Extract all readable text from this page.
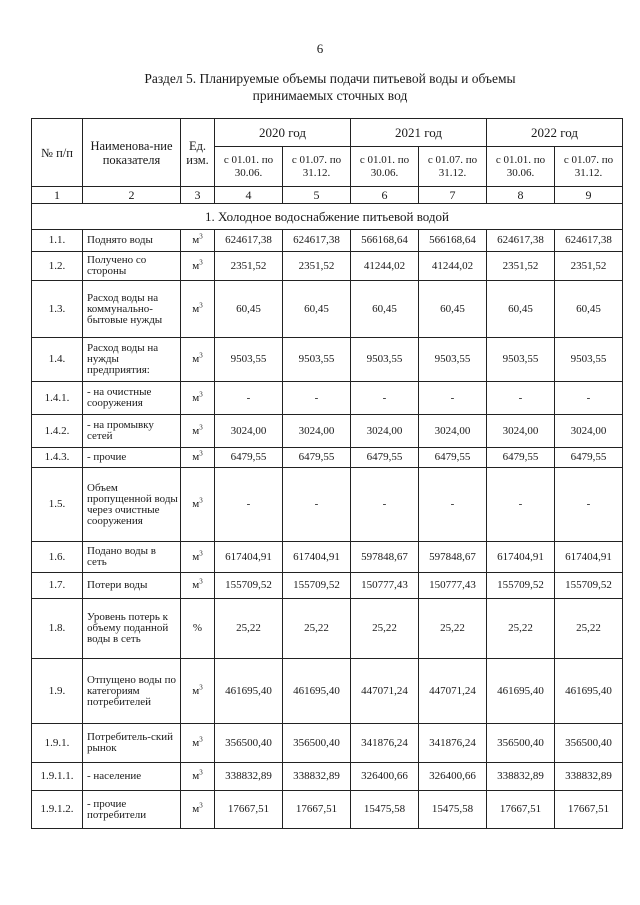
6
Раздел 5. Планируемые объемы подачи питьевой воды и объемы
принимаемых сточных вод
№ п/п	Наименова-ние показателя	Ед. изм.	2020 год		2021 год		2022 год	
			с 01.01. по 30.06.	с 01.07. по 31.12.	с 01.01. по 30.06.	с 01.07. по 31.12.	с 01.01. по 30.06.	с 01.07. по 31.12.
1	2	3	4	5	6	7	8	9
1. Холодное водоснабжение питьевой водой								
1.1.	Поднято воды	$м^3$	624617,38	624617,38	566168,64	566168,64	624617,38	624617,38
1.2.	Получено со стороны	$м^3$	2351,52	2351,52	41244,02	41244,02	2351,52	2351,52
1.3.	Расход воды на коммунально-бытовые нужды	$м^3$	60,45	60,45	60,45	60,45	60,45	60,45
1.4.	Расход воды на нужды предприятия:	$м^3$	9503,55	9503,55	9503,55	9503,55	9503,55	9503,55
1.4.1.	- на очистные сооружения	$м^3$	-	-	-	-	-	-
1.4.2.	- на промывку сетей	$м^3$	3024,00	3024,00	3024,00	3024,00	3024,00	3024,00
1.4.3.	- прочие	$м^3$	6479,55	6479,55	6479,55	6479,55	6479,55	6479,55
1.5.	Объем пропущенной воды через очистные сооружения	$м^3$	-	-	-	-	-	-
1.6.	Подано воды в сеть	$м^3$	617404,91	617404,91	597848,67	597848,67	617404,91	617404,91
1.7.	Потери воды	$м^3$	155709,52	155709,52	150777,43	150777,43	155709,52	155709,52
1.8.	Уровень потерь к объему поданной воды в сеть	%	25,22	25,22	25,22	25,22	25,22	25,22
1.9.	Отпущено воды по категориям потребителей	$м^3$	461695,40	461695,40	447071,24	447071,24	461695,40	461695,40
1.9.1.	Потребитель-ский рынок	$м^3$	356500,40	356500,40	341876,24	341876,24	356500,40	356500,40
1.9.1.1.	- население	$м^3$	338832,89	338832,89	326400,66	326400,66	338832,89	338832,89
1.9.1.2.	- прочие потребители	$м^3$	17667,51	17667,51	15475,58	15475,58	17667,51	17667,51
